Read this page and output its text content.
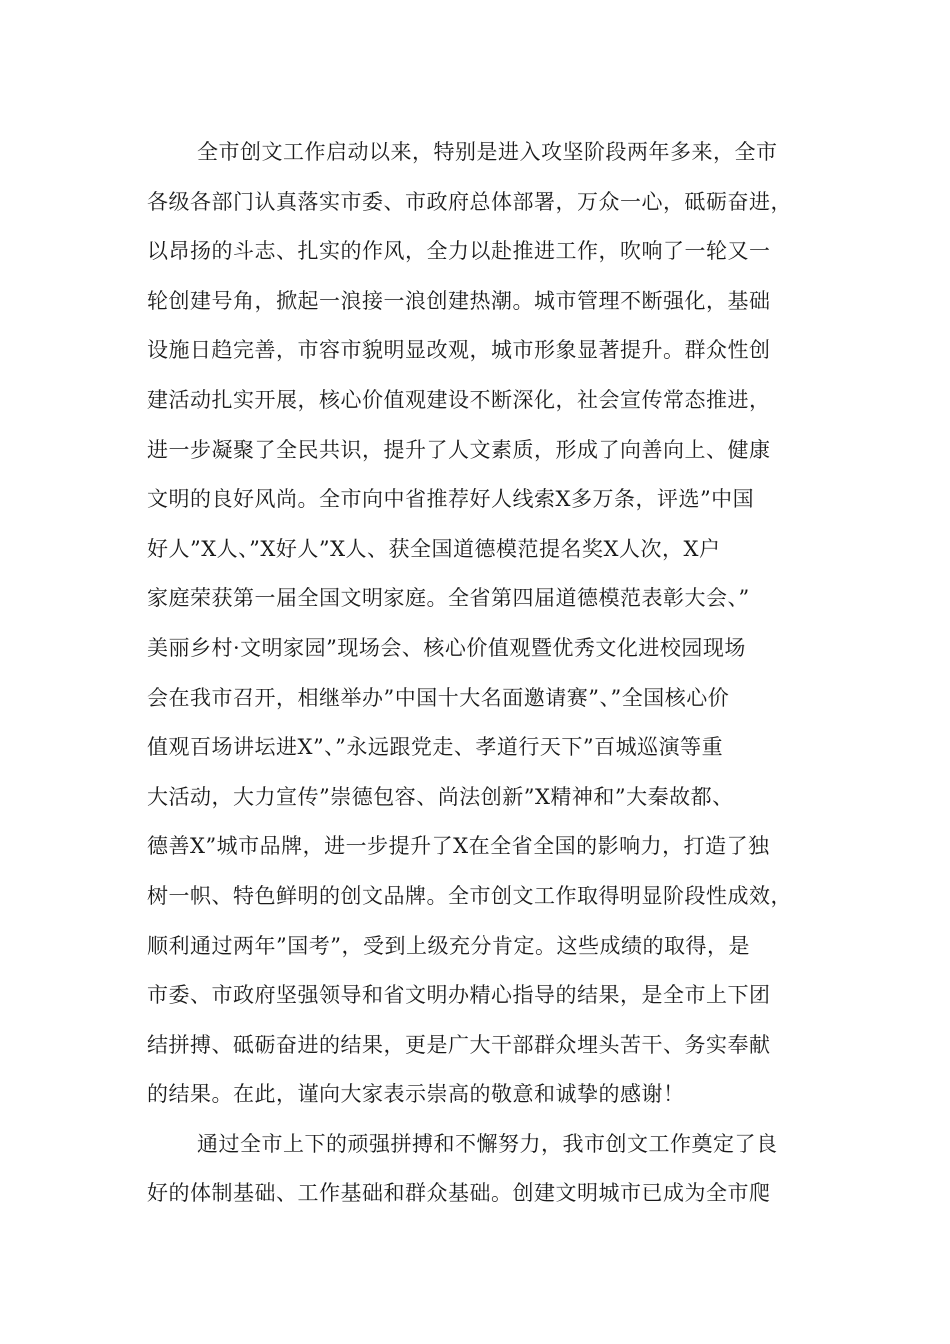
全市创文工作启动以来，特别是进入攻坚阶段两年多来，全市
各级各部门认真落实市委、市政府总体部署，万众一心，砥砺奋进，
以昂扬的斗志、扎实的作风，全力以赴推进工作，吹响了一轮又一
轮创建号角，掀起一浪接一浪创建热潮。城市管理不断强化，基础
设施日趋完善，市容市貌明显改观，城市形象显著提升。群众性创
建活动扎实开展，核心价值观建设不断深化，社会宣传常态推进，
进一步凝聚了全民共识，提升了人文素质，形成了向善向上、健康
文明的良好风尚。全市向中省推荐好人线索X多万条，评选”中国
好人”X人、”X好人”X人、获全国道德模范提名奖X人次，X户
家庭荣获第一届全国文明家庭。全省第四届道德模范表彰大会、”
美丽乡村·文明家园”现场会、核心价值观暨优秀文化进校园现场
会在我市召开，相继举办”中国十大名面邀请赛”、”全国核心价
值观百场讲坛进X”、”永远跟党走、孝道行天下”百城巡演等重
大活动，大力宣传”崇德包容、尚法创新”X精神和”大秦故都、
德善X”城市品牌，进一步提升了X在全省全国的影响力，打造了独
树一帜、特色鲜明的创文品牌。全市创文工作取得明显阶段性成效，
顺利通过两年”国考”，受到上级充分肯定。这些成绩的取得，是
市委、市政府坚强领导和省文明办精心指导的结果，是全市上下团
结拼搏、砥砺奋进的结果，更是广大干部群众埋头苦干、务实奉献
的结果。在此，谨向大家表示崇高的敬意和诚挚的感谢！
通过全市上下的顽强拼搏和不懈努力，我市创文工作奠定了良
好的体制基础、工作基础和群众基础。创建文明城市已成为全市爬
